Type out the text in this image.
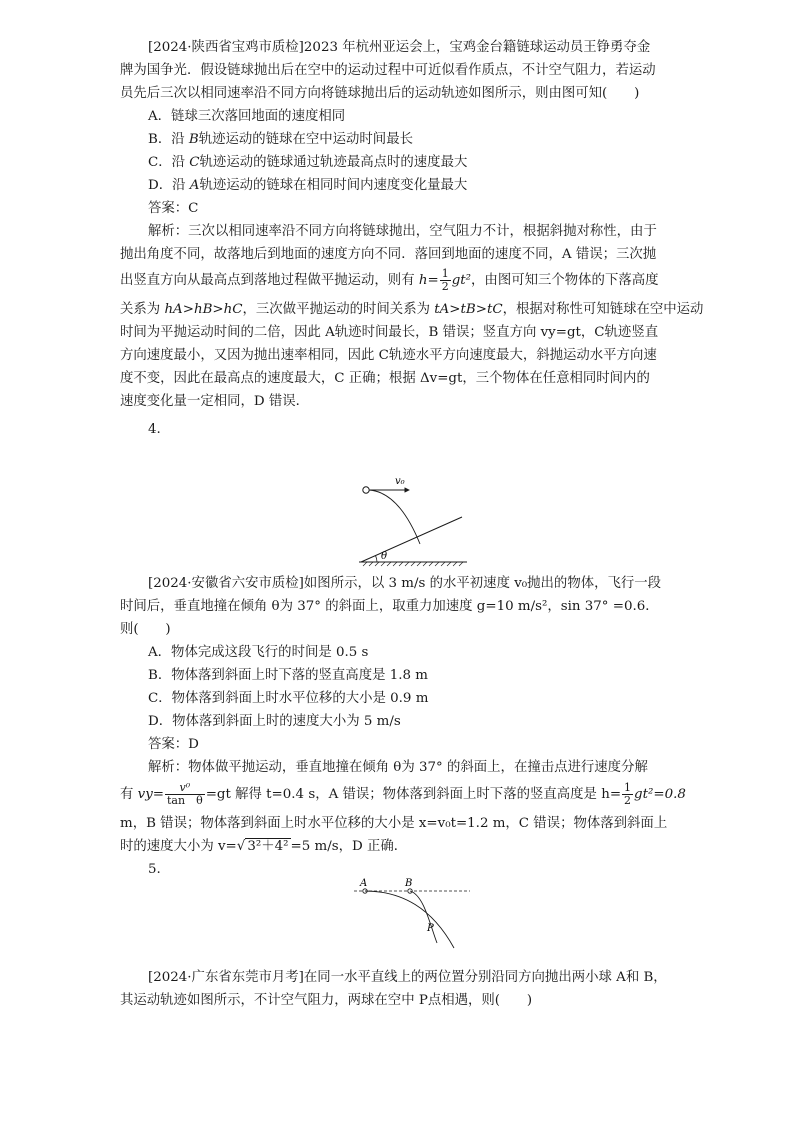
[2024·陕西省宝鸡市质检]2023 年杭州亚运会上，宝鸡金台籍链球运动员王铮勇夺金
牌为国争光．假设链球抛出后在空中的运动过程中可近似看作质点，不计空气阻力，若运动
员先后三次以相同速率沿不同方向将链球抛出后的运动轨迹如图所示，则由图可知(　　)
A．链球三次落回地面的速度相同
B．沿 B轨迹运动的链球在空中运动时间最长
C．沿 C轨迹运动的链球通过轨迹最高点时的速度最大
D．沿 A轨迹运动的链球在相同时间内速度变化量最大
答案：C
解析：三次以相同速率沿不同方向将链球抛出，空气阻力不计，根据斜抛对称性，由于
抛出角度不同，故落地后到地面的速度方向不同．落回到地面的速度不同，A 错误；三次抛
出竖直方向从最高点到落地过程做平抛运动，则有 $h= \frac{1}{2} gt^2$，由图可知三个物体的下落高度
关系为 hA>hB>hC，三次做平抛运动的时间关系为 tA>tB>tC，根据对称性可知链球在空中运动
时间为平抛运动时间的二倍，因此 A轨迹时间最长，B 错误；竖直方向 vy=gt，C轨迹竖直
方向速度最小，又因为抛出速率相同，因此 C轨迹水平方向速度最大，斜抛运动水平方向速
度不变，因此在最高点的速度最大，C 正确；根据 Δv=gt，三个物体在任意相同时间内的
速度变化量一定相同，D 错误．
4.
θ
v₀
[2024·安徽省六安市质检]如图所示，以 3 m/s 的水平初速度 v₀抛出的物体，飞行一段
时间后，垂直地撞在倾角 θ为 37° 的斜面上，取重力加速度 g=10 m/s²，sin 37° =0.6．
则(　　)
A．物体完成这段飞行的时间是 0.5 s
B．物体落到斜面上时下落的竖直高度是 1.8 m
C．物体落到斜面上时水平位移的大小是 0.9 m
D．物体落到斜面上时的速度大小为 5 m/s
答案：D
解析：物体做平抛运动，垂直地撞在倾角 θ为 37° 的斜面上，在撞击点进行速度分解
有 $vy= \frac{\text{v⁰}}{\text{tan　θ}} =gt$ 解得 t=0.4 s，A 错误；物体落到斜面上时下落的竖直高度是 $h= \frac{1}{2} gt^2=0.8$
m，B 错误；物体落到斜面上时水平位移的大小是 x=v₀t=1.2 m，C 错误；物体落到斜面上
时的速度大小为 v=√ 3²＋4² =5 m/s，D 正确．
5.
A	B
P
[2024·广东省东莞市月考]在同一水平直线上的两位置分别沿同方向抛出两小球 A和 B，
其运动轨迹如图所示，不计空气阻力，两球在空中 P点相遇，则(　　)
